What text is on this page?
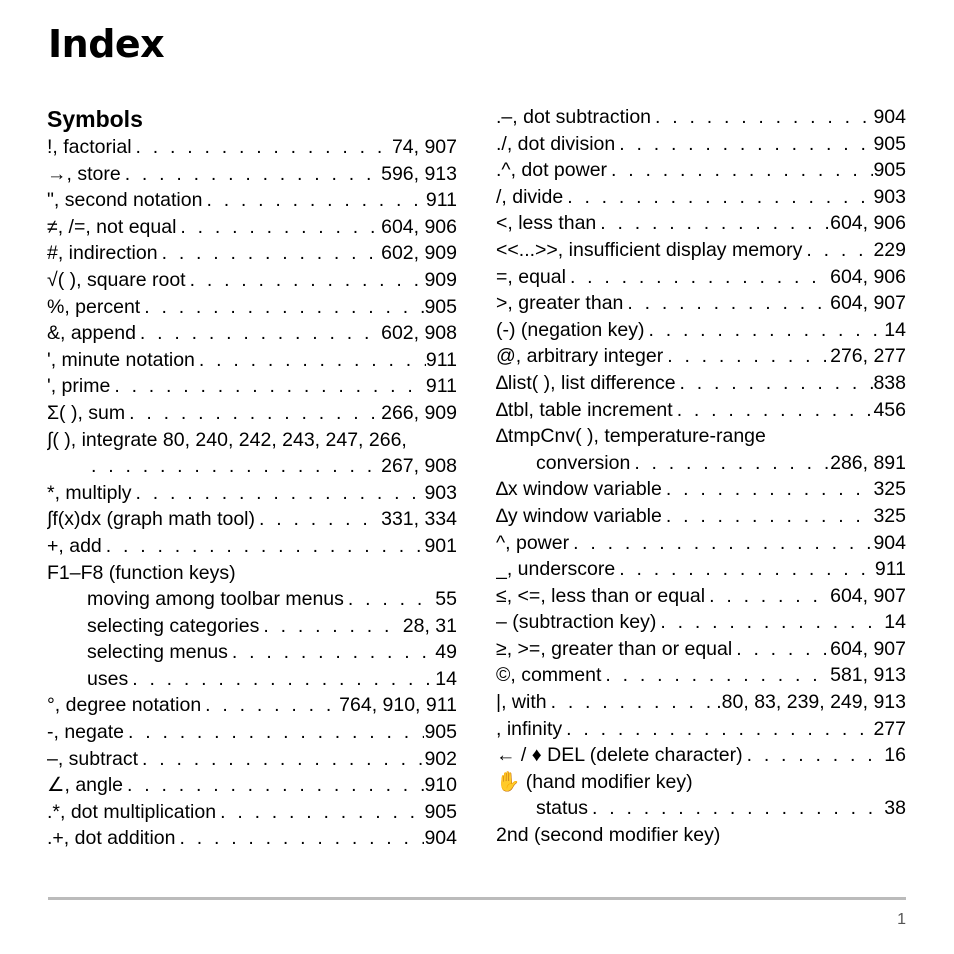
Index
Symbols
!, factorial . . .	74, 907
→, store . . .	596, 913
", second notation . . .	911
≠, /=, not equal . . .	604, 906
#, indirection . . .	602, 909
√( ), square root . . .	909
%, percent . . .	905
&, append . . .	602, 908
', minute notation . . .	911
', prime . . .	911
Σ( ), sum . . .	266, 909
∫( ), integrate 80, 240, 242, 243, 247, 266,
. . .
267, 908
*, multiply . . .	903
∫f(x)dx (graph math tool) . . .	331, 334
+, add . . .	901
F1–F8 (function keys)
moving among toolbar menus . . .	55
selecting categories . . .	28, 31
selecting menus . . .	49
uses . . .	14
°, degree notation . . .	764, 910, 911
-, negate . . .	905
–, subtract . . .	902
∠, angle . . .	910
.*, dot multiplication . . .	905
.+, dot addition . . .	904
.–, dot subtraction . . .	904
./, dot division . . .	905
.^, dot power . . .	905
/, divide . . .	903
<, less than . . .	604, 906
<<...>>, insufficient display memory . . .	229
=, equal . . .	604, 906
>, greater than . . .	604, 907
(-) (negation key) . . .	14
@, arbitrary integer . . .	276, 277
∆list( ), list difference . . .	838
∆tbl, table increment . . .	456
∆tmpCnv( ), temperature-range
conversion . . .	286, 891
∆x window variable . . .	325
∆y window variable . . .	325
^, power . . .	904
_, underscore . . .	911
≤, <=, less than or equal . . .	604, 907
– (subtraction key) . . .	14
≥, >=, greater than or equal . . .	604, 907
©, comment . . .	581, 913
|, with . . .	.80, 83, 239, 249, 913
, infinity . . .	277
← / ♦ DEL (delete character) . . .	16
✋ (hand modifier key)
status . . .	38
2nd (second modifier key)
1
